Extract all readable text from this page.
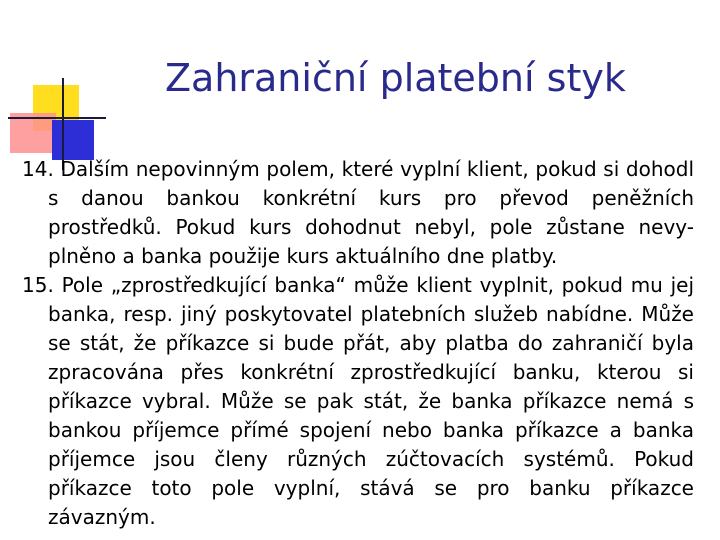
Zahraniční platební styk

14. Dalším nepovinným polem, které vyplní klient, pokud si dohodl s danou bankou konkrétní kurs pro převod peněžních prostředků. Pokud kurs dohodnut nebyl, pole zůstane nevy-plněno a banka použije kurs aktuálního dne platby.

15. Pole „zprostředkující banka“ může klient vyplnit, pokud mu jej banka, resp. jiný poskytovatel platebních služeb nabídne. Může se stát, že příkazce si bude přát, aby platba do zahraničí byla zpracována přes konkrétní zprostředkující banku, kterou si příkazce vybral. Může se pak stát, že banka příkazce nemá s bankou příjemce přímé spojení nebo banka příkazce a banka příjemce jsou členy různých zúčtovacích systémů. Pokud příkazce toto pole vyplní, stává se pro banku příkazce závazným.
